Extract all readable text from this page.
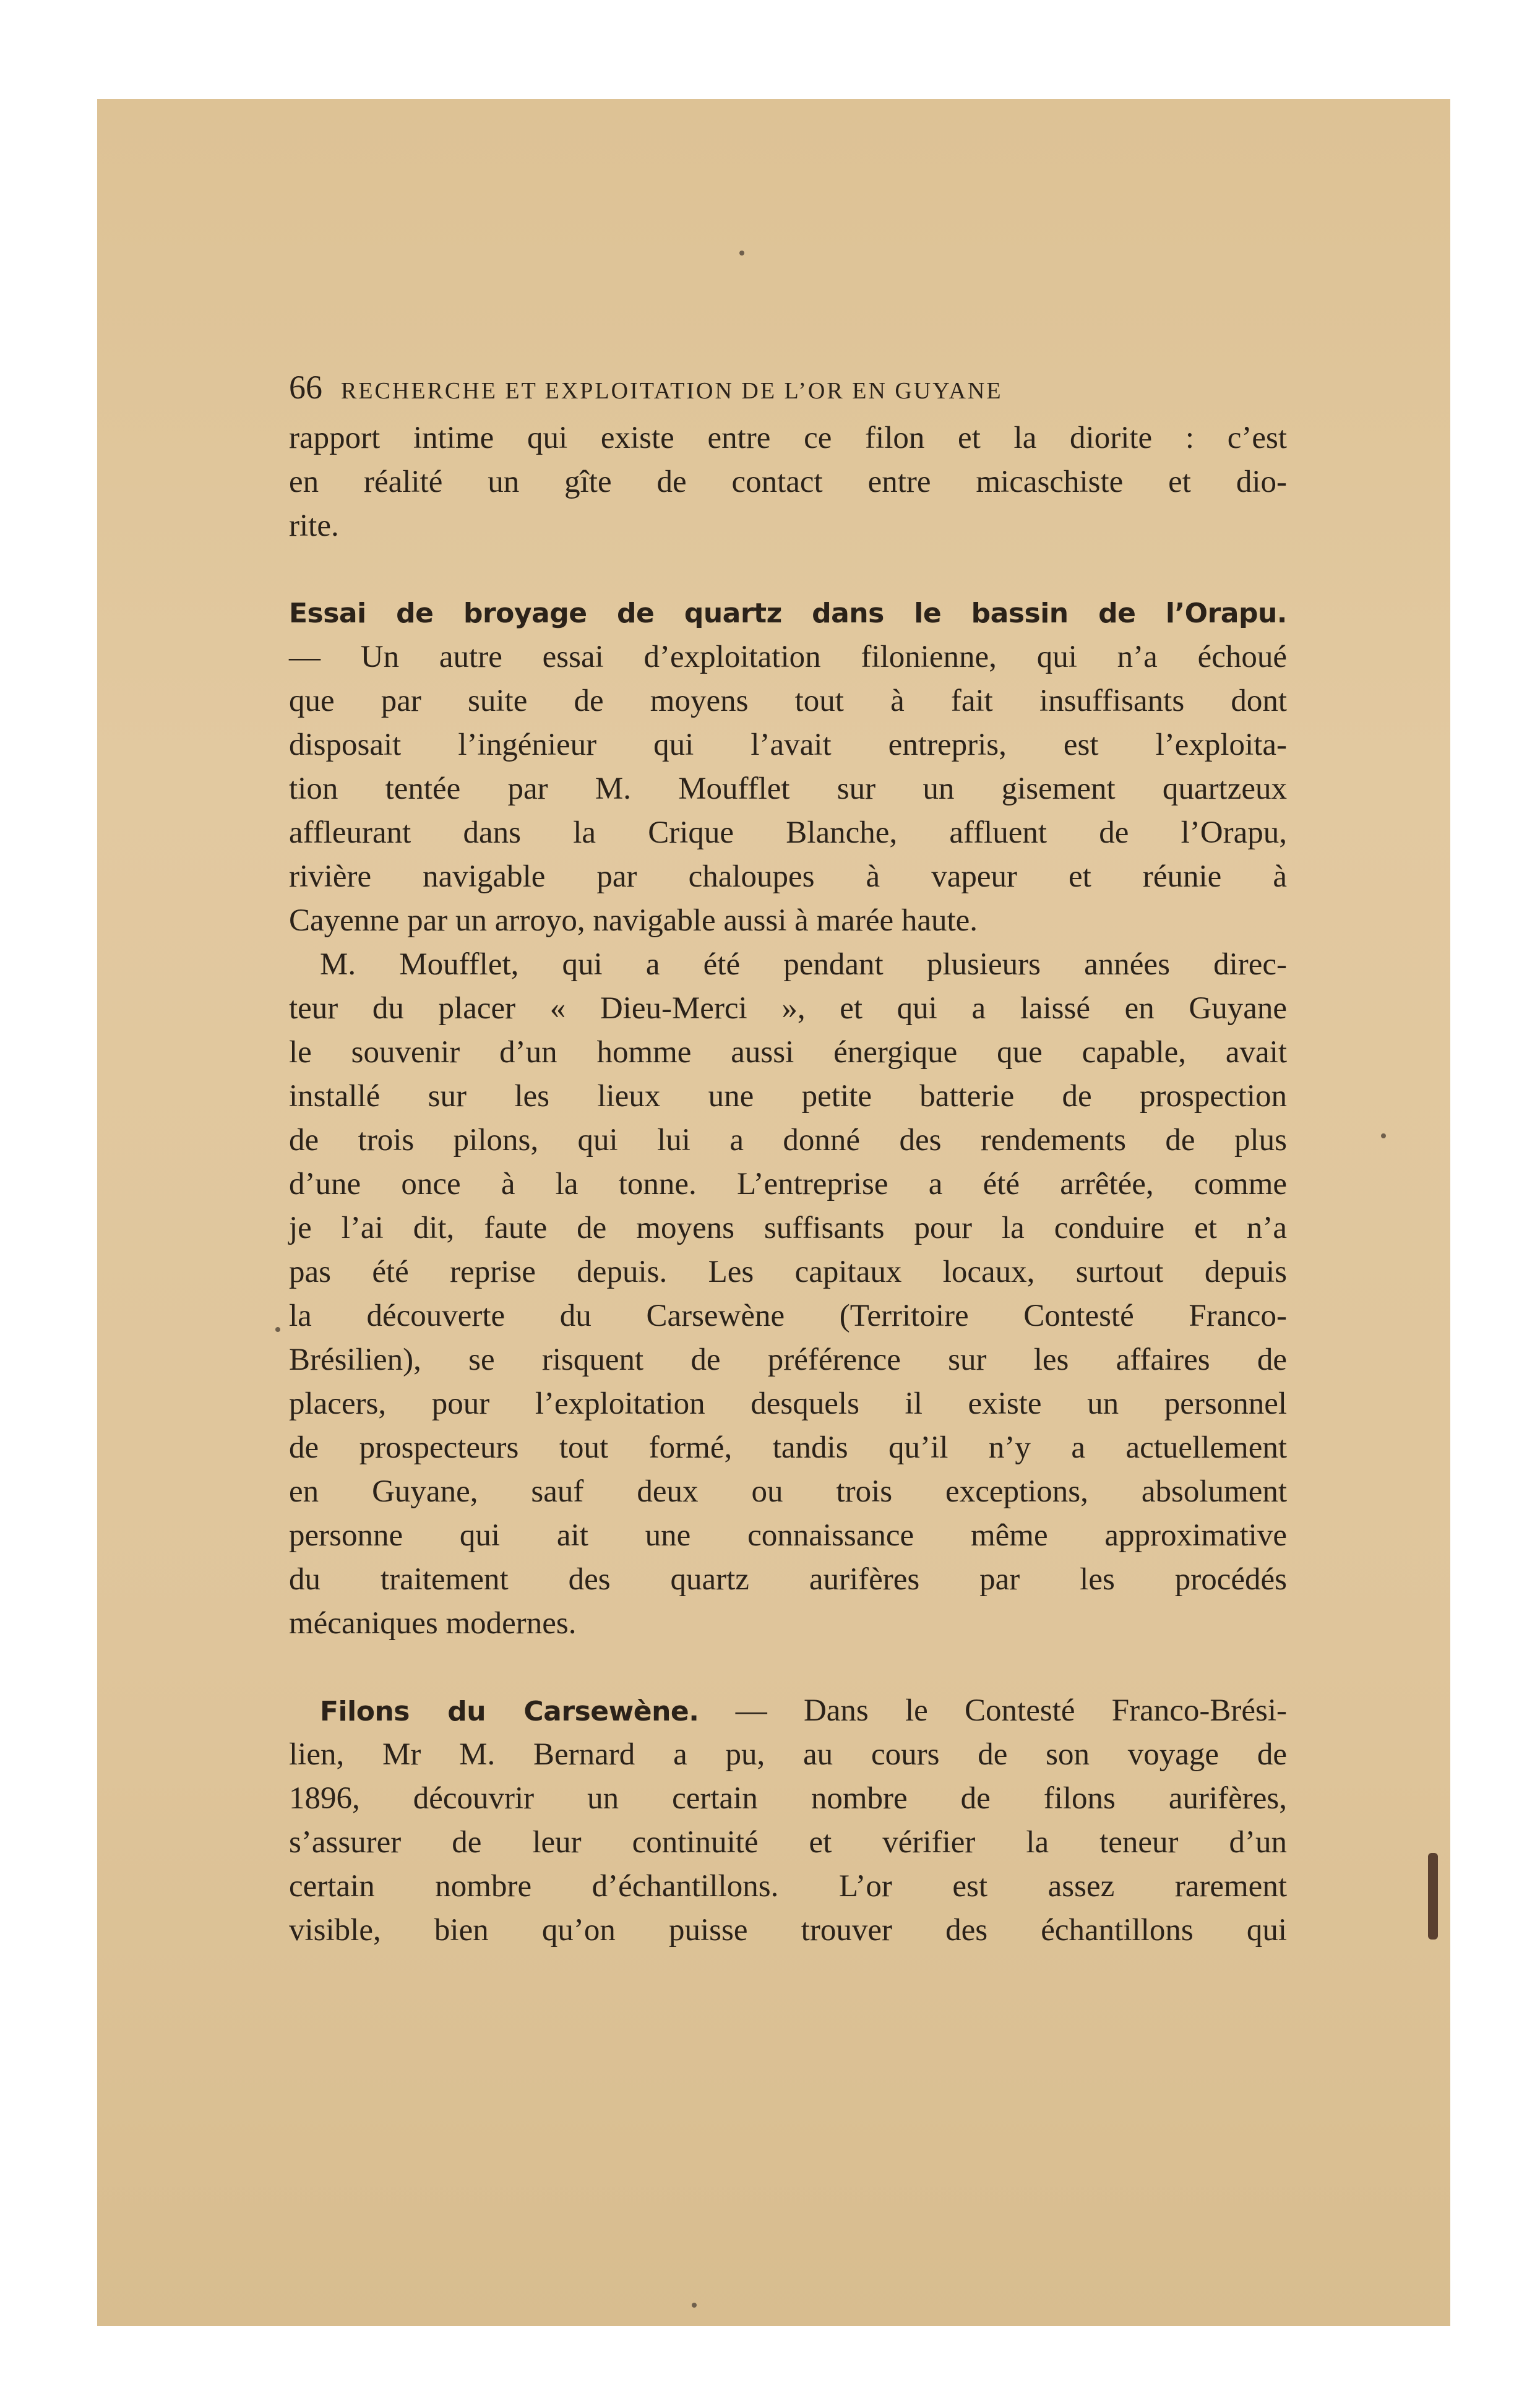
66 RECHERCHE ET EXPLOITATION DE L’OR EN GUYANE
rapport intime qui existe entre ce filon et la diorite : c’est
en réalité un gîte de contact entre micaschiste et dio-
rite.
Essai de broyage de quartz dans le bassin de l’Orapu.
— Un autre essai d’exploitation filonienne, qui n’a échoué
que par suite de moyens tout à fait insuffisants dont
disposait l’ingénieur qui l’avait entrepris, est l’exploita-
tion tentée par M. Moufflet sur un gisement quartzeux
affleurant dans la Crique Blanche, affluent de l’Orapu,
rivière navigable par chaloupes à vapeur et réunie à
Cayenne par un arroyo, navigable aussi à marée haute.
M. Moufflet, qui a été pendant plusieurs années direc-
teur du placer « Dieu-Merci », et qui a laissé en Guyane
le souvenir d’un homme aussi énergique que capable, avait
installé sur les lieux une petite batterie de prospection
de trois pilons, qui lui a donné des rendements de plus
d’une once à la tonne. L’entreprise a été arrêtée, comme
je l’ai dit, faute de moyens suffisants pour la conduire et n’a
pas été reprise depuis. Les capitaux locaux, surtout depuis
la découverte du Carsewène (Territoire Contesté Franco-
Brésilien), se risquent de préférence sur les affaires de
placers, pour l’exploitation desquels il existe un personnel
de prospecteurs tout formé, tandis qu’il n’y a actuellement
en Guyane, sauf deux ou trois exceptions, absolument
personne qui ait une connaissance même approximative
du traitement des quartz aurifères par les procédés
mécaniques modernes.
Filons du Carsewène. — Dans le Contesté Franco-Brési-
lien, Mr M. Bernard a pu, au cours de son voyage de
1896, découvrir un certain nombre de filons aurifères,
s’assurer de leur continuité et vérifier la teneur d’un
certain nombre d’échantillons. L’or est assez rarement
visible, bien qu’on puisse trouver des échantillons qui
